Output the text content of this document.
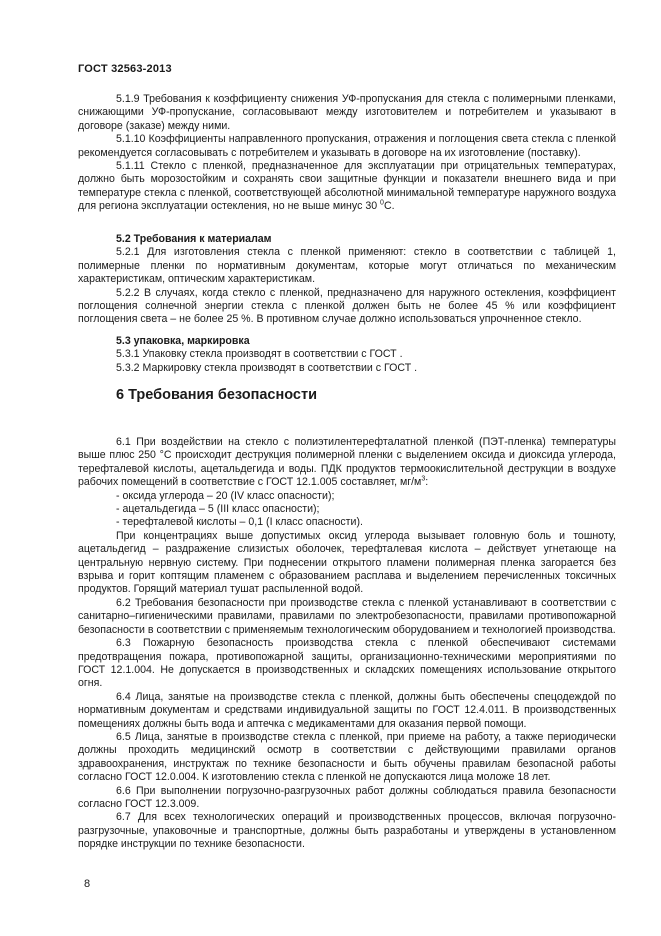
ГОСТ 32563-2013

5.1.9 Требования к коэффициенту снижения УФ-пропускания для стекла с полимерными пленками, снижающими УФ-пропускание, согласовывают между изготовителем и потребителем и указывают в договоре (заказе) между ними.

5.1.10 Коэффициенты направленного пропускания, отражения и поглощения света стекла с пленкой рекомендуется согласовывать с потребителем и указывать в договоре на их изготовление (поставку).

5.1.11 Стекло с пленкой, предназначенное для эксплуатации при отрицательных температурах, должно быть морозостойким и сохранять свои защитные функции и показатели внешнего вида и при температуре стекла с пленкой, соответствующей абсолютной минимальной температуре наружного воздуха для региона эксплуатации остекления, но не выше минус 30 $^0$C.

5.2 Требования к материалам

5.2.1 Для изготовления стекла с пленкой применяют: стекло в соответствии с таблицей 1, полимерные пленки по нормативным документам, которые могут отличаться по механическим характеристикам, оптическим характеристикам.

5.2.2 В случаях, когда стекло с пленкой, предназначено для наружного остекления, коэффициент поглощения солнечной энергии стекла с пленкой должен быть не более 45 % или коэффициент поглощения света – не более 25 %. В противном случае должно использоваться упрочненное стекло.

5.3 упаковка, маркировка

5.3.1 Упаковку стекла производят в соответствии с ГОСТ .

5.3.2 Маркировку стекла производят в соответствии с ГОСТ .

6 Требования безопасности

6.1 При воздействии на стекло с полиэтилентерефталатной пленкой (ПЭТ-пленка) температуры выше плюс 250 °С происходит деструкция полимерной пленки с выделением оксида и диоксида углерода, терефталевой кислоты, ацетальдегида и воды. ПДК продуктов термоокислительной деструкции в воздухе рабочих помещений в соответствие с ГОСТ 12.1.005 составляет, $мг/м^3$:

- оксида углерода – 20 (IV класс опасности);

- ацетальдегида – 5 (III класс опасности);

- терефталевой кислоты – 0,1 (I класс опасности).

При концентрациях выше допустимых оксид углерода вызывает головную боль и тошноту, ацетальдегид – раздражение слизистых оболочек, терефталевая кислота – действует угнетающе на центральную нервную систему. При поднесении открытого пламени полимерная пленка загорается без взрыва и горит коптящим пламенем с образованием расплава и выделением перечисленных токсичных продуктов. Горящий материал тушат распыленной водой.

6.2 Требования безопасности при производстве стекла с пленкой устанавливают в соответствии с санитарно–гигиеническими правилами, правилами по электробезопасности, правилами противопожарной безопасности в соответствии с применяемым технологическим оборудованием и технологией производства.

6.3 Пожарную безопасность производства стекла с пленкой обеспечивают системами предотвращения пожара, противопожарной защиты, организационно-техническими мероприятиями по ГОСТ 12.1.004. Не допускается в производственных и складских помещениях использование открытого огня.

6.4 Лица, занятые на производстве стекла с пленкой, должны быть обеспечены спецодеждой по нормативным документам и средствами индивидуальной защиты по ГОСТ 12.4.011. В производственных помещениях должны быть вода и аптечка с медикаментами для оказания первой помощи.

6.5 Лица, занятые в производстве стекла с пленкой, при приеме на работу, а также периодически должны проходить медицинский осмотр в соответствии с действующими правилами органов здравоохранения, инструктаж по технике безопасности и быть обучены правилам безопасной работы согласно ГОСТ 12.0.004. К изготовлению стекла с пленкой не допускаются лица моложе 18 лет.

6.6 При выполнении погрузочно-разгрузочных работ должны соблюдаться правила безопасности согласно ГОСТ 12.3.009.

6.7 Для всех технологических операций и производственных процессов, включая погрузочно-разгрузочные, упаковочные и транспортные, должны быть разработаны и утверждены в установленном порядке инструкции по технике безопасности.

8
